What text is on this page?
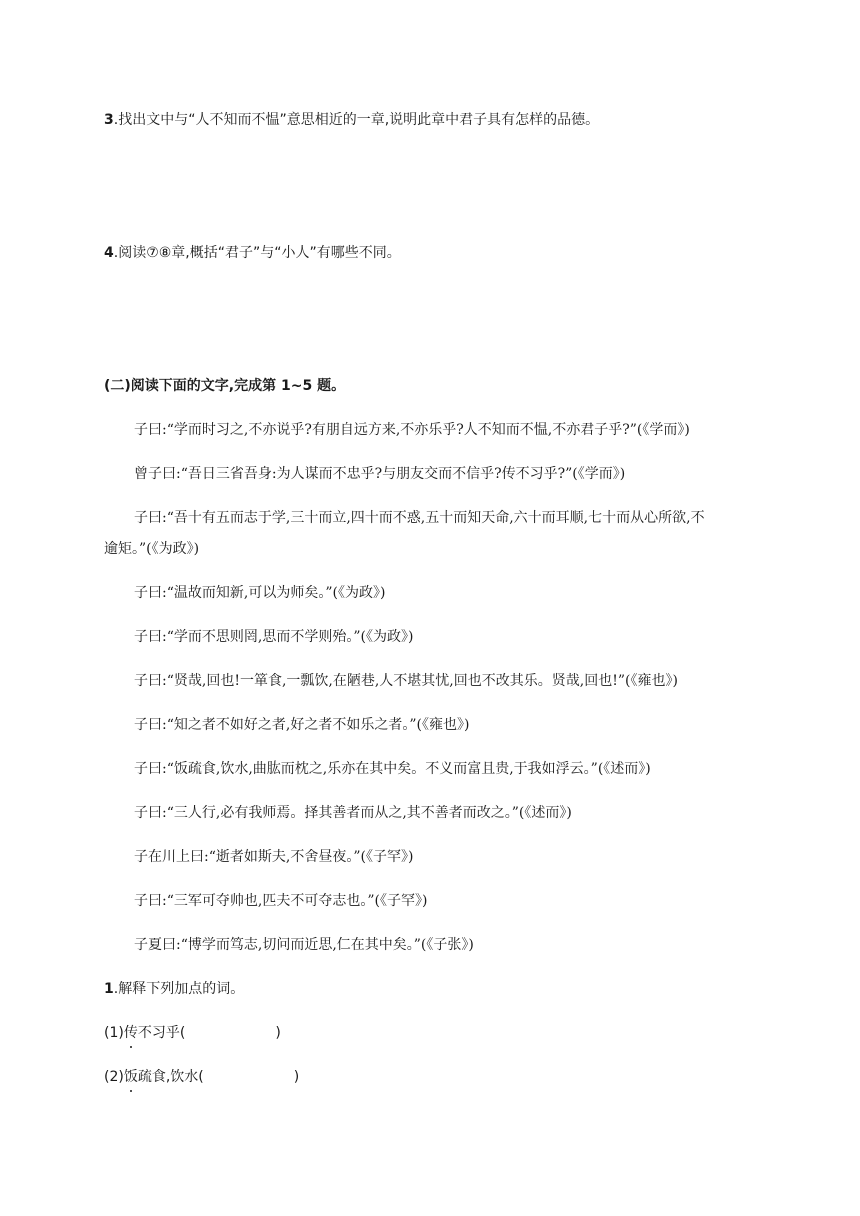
3.找出文中与“人不知而不愠”意思相近的一章,说明此章中君子具有怎样的品德。
4.阅读⑦⑧章,概括“君子”与“小人”有哪些不同。
(二)阅读下面的文字,完成第 1~5 题。
子曰:“学而时习之,不亦说乎?有朋自远方来,不亦乐乎?人不知而不愠,不亦君子乎?”(《学而》)
曾子曰:“吾日三省吾身:为人谋而不忠乎?与朋友交而不信乎?传不习乎?”(《学而》)
子曰:“吾十有五而志于学,三十而立,四十而不惑,五十而知天命,六十而耳顺,七十而从心所欲,不
逾矩。”(《为政》)
子曰:“温故而知新,可以为师矣。”(《为政》)
子曰:“学而不思则罔,思而不学则殆。”(《为政》)
子曰:“贤哉,回也!一箪食,一瓢饮,在陋巷,人不堪其忧,回也不改其乐。贤哉,回也!”(《雍也》)
子曰:“知之者不如好之者,好之者不如乐之者。”(《雍也》)
子曰:“饭疏食,饮水,曲肱而枕之,乐亦在其中矣。不义而富且贵,于我如浮云。”(《述而》)
子曰:“三人行,必有我师焉。择其善者而从之,其不善者而改之。”(《述而》)
子在川上曰:“逝者如斯夫,不舍昼夜。”(《子罕》)
子曰:“三军可夺帅也,匹夫不可夺志也。”(《子罕》)
子夏曰:“博学而笃志,切问而近思,仁在其中矣。”(《子张》)
1.解释下列加点的词。
(1)传不习乎(	)
(2)饭疏食,饮水(	)
